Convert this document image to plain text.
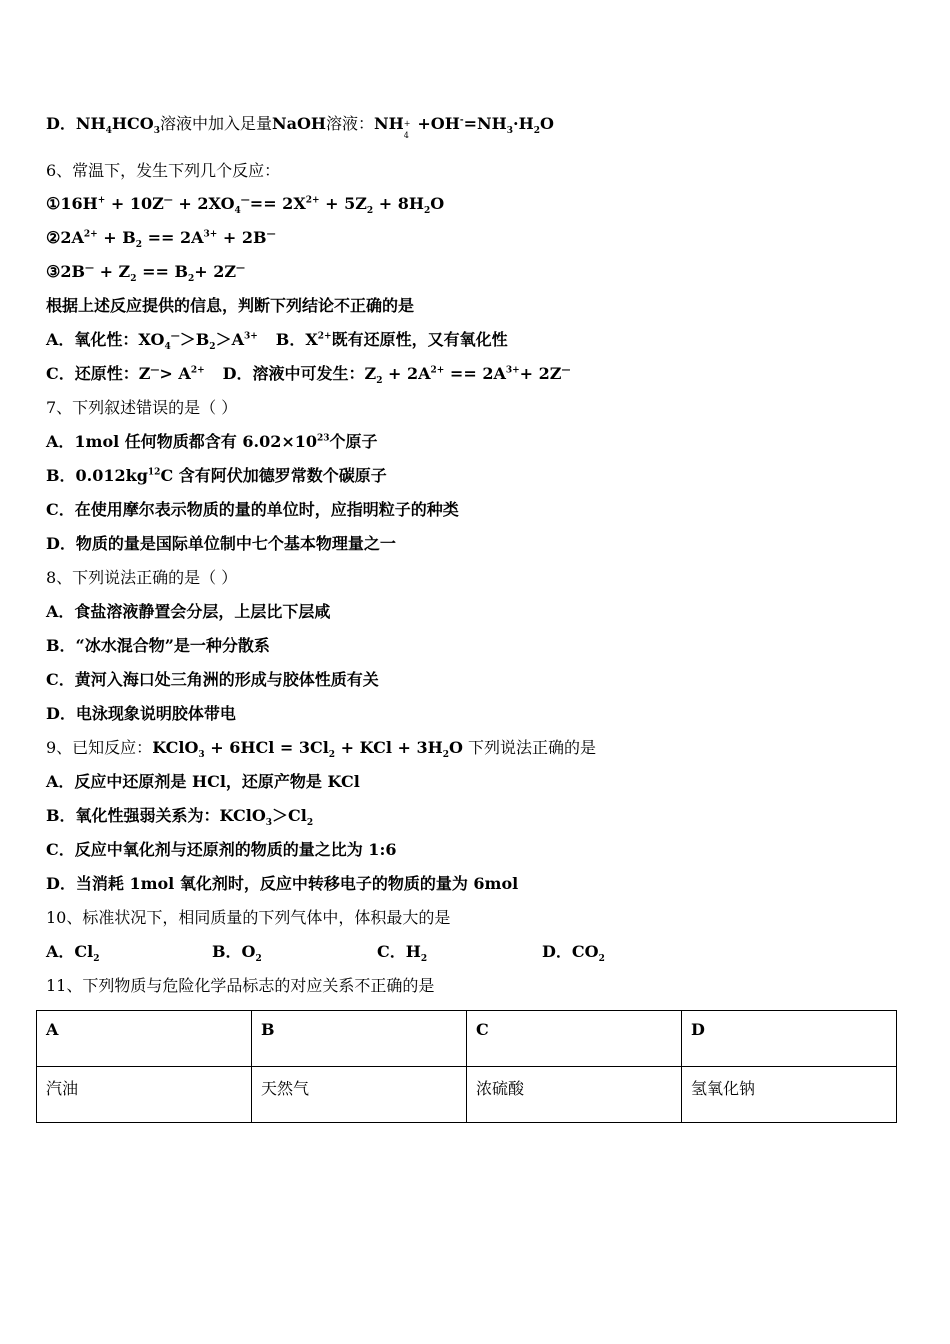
D．$NH_4HCO_3$溶液中加入足量NaOH溶液：NH +
4
$+OH^-=NH_3\cdot H_2O$
6、常温下，发生下列几个反应：
①16H+ + $10Z^— + 2XO_4^—== 2X^{2+} + 5Z_2 + 8H_2O$
$②2A^{2+} + B_2 == 2A^{3+} + 2B^—$
③2B— + $Z_2 == B_2+ 2Z^—$
根据上述反应提供的信息，判断下列结论不正确的是
A．氧化性：$XO_4^—>B_2>A^{3+}$ B．$X^{2+}$既有还原性，又有氧化性
C．还原性：$Z^—> A^{2+}$ D．溶液中可发生：$Z_2 + 2A^{2+} == 2A^{3+}+ 2Z^—$
7、下列叙述错误的是（ ）
A．1mol 任何物质都含有 $6.02\times 10^{23}$个原子
B．$0.012kg^{12}C$ 含有阿伏加德罗常数个碳原子
C．在使用摩尔表示物质的量的单位时，应指明粒子的种类
D．物质的量是国际单位制中七个基本物理量之一
8、下列说法正确的是（ ）
A．食盐溶液静置会分层，上层比下层咸
B．“冰水混合物”是一种分散系
C．黄河入海口处三角洲的形成与胶体性质有关
D．电泳现象说明胶体带电
9、已知反应：KClO$_3$ + $6HCl = 3Cl_2$ + KCl + $3H_2O$ 下列说法正确的是
A．反应中还原剂是 HCl，还原产物是 KCl
B．氧化性强弱关系为：$KClO_3>Cl_2$
C．反应中氧化剂与还原剂的物质的量之比为 1:6
D．当消耗 1mol 氧化剂时，反应中转移电子的物质的量为 6mol
10、标准状况下，相同质量的下列气体中，体积最大的是
A．$Cl_2$	B．$O_2$	C．$H_2$	D．$CO_2$
11、下列物质与危险化学品标志的对应关系不正确的是
A	B	C	D
汽油	天然气	浓硫酸	氢氧化钠
